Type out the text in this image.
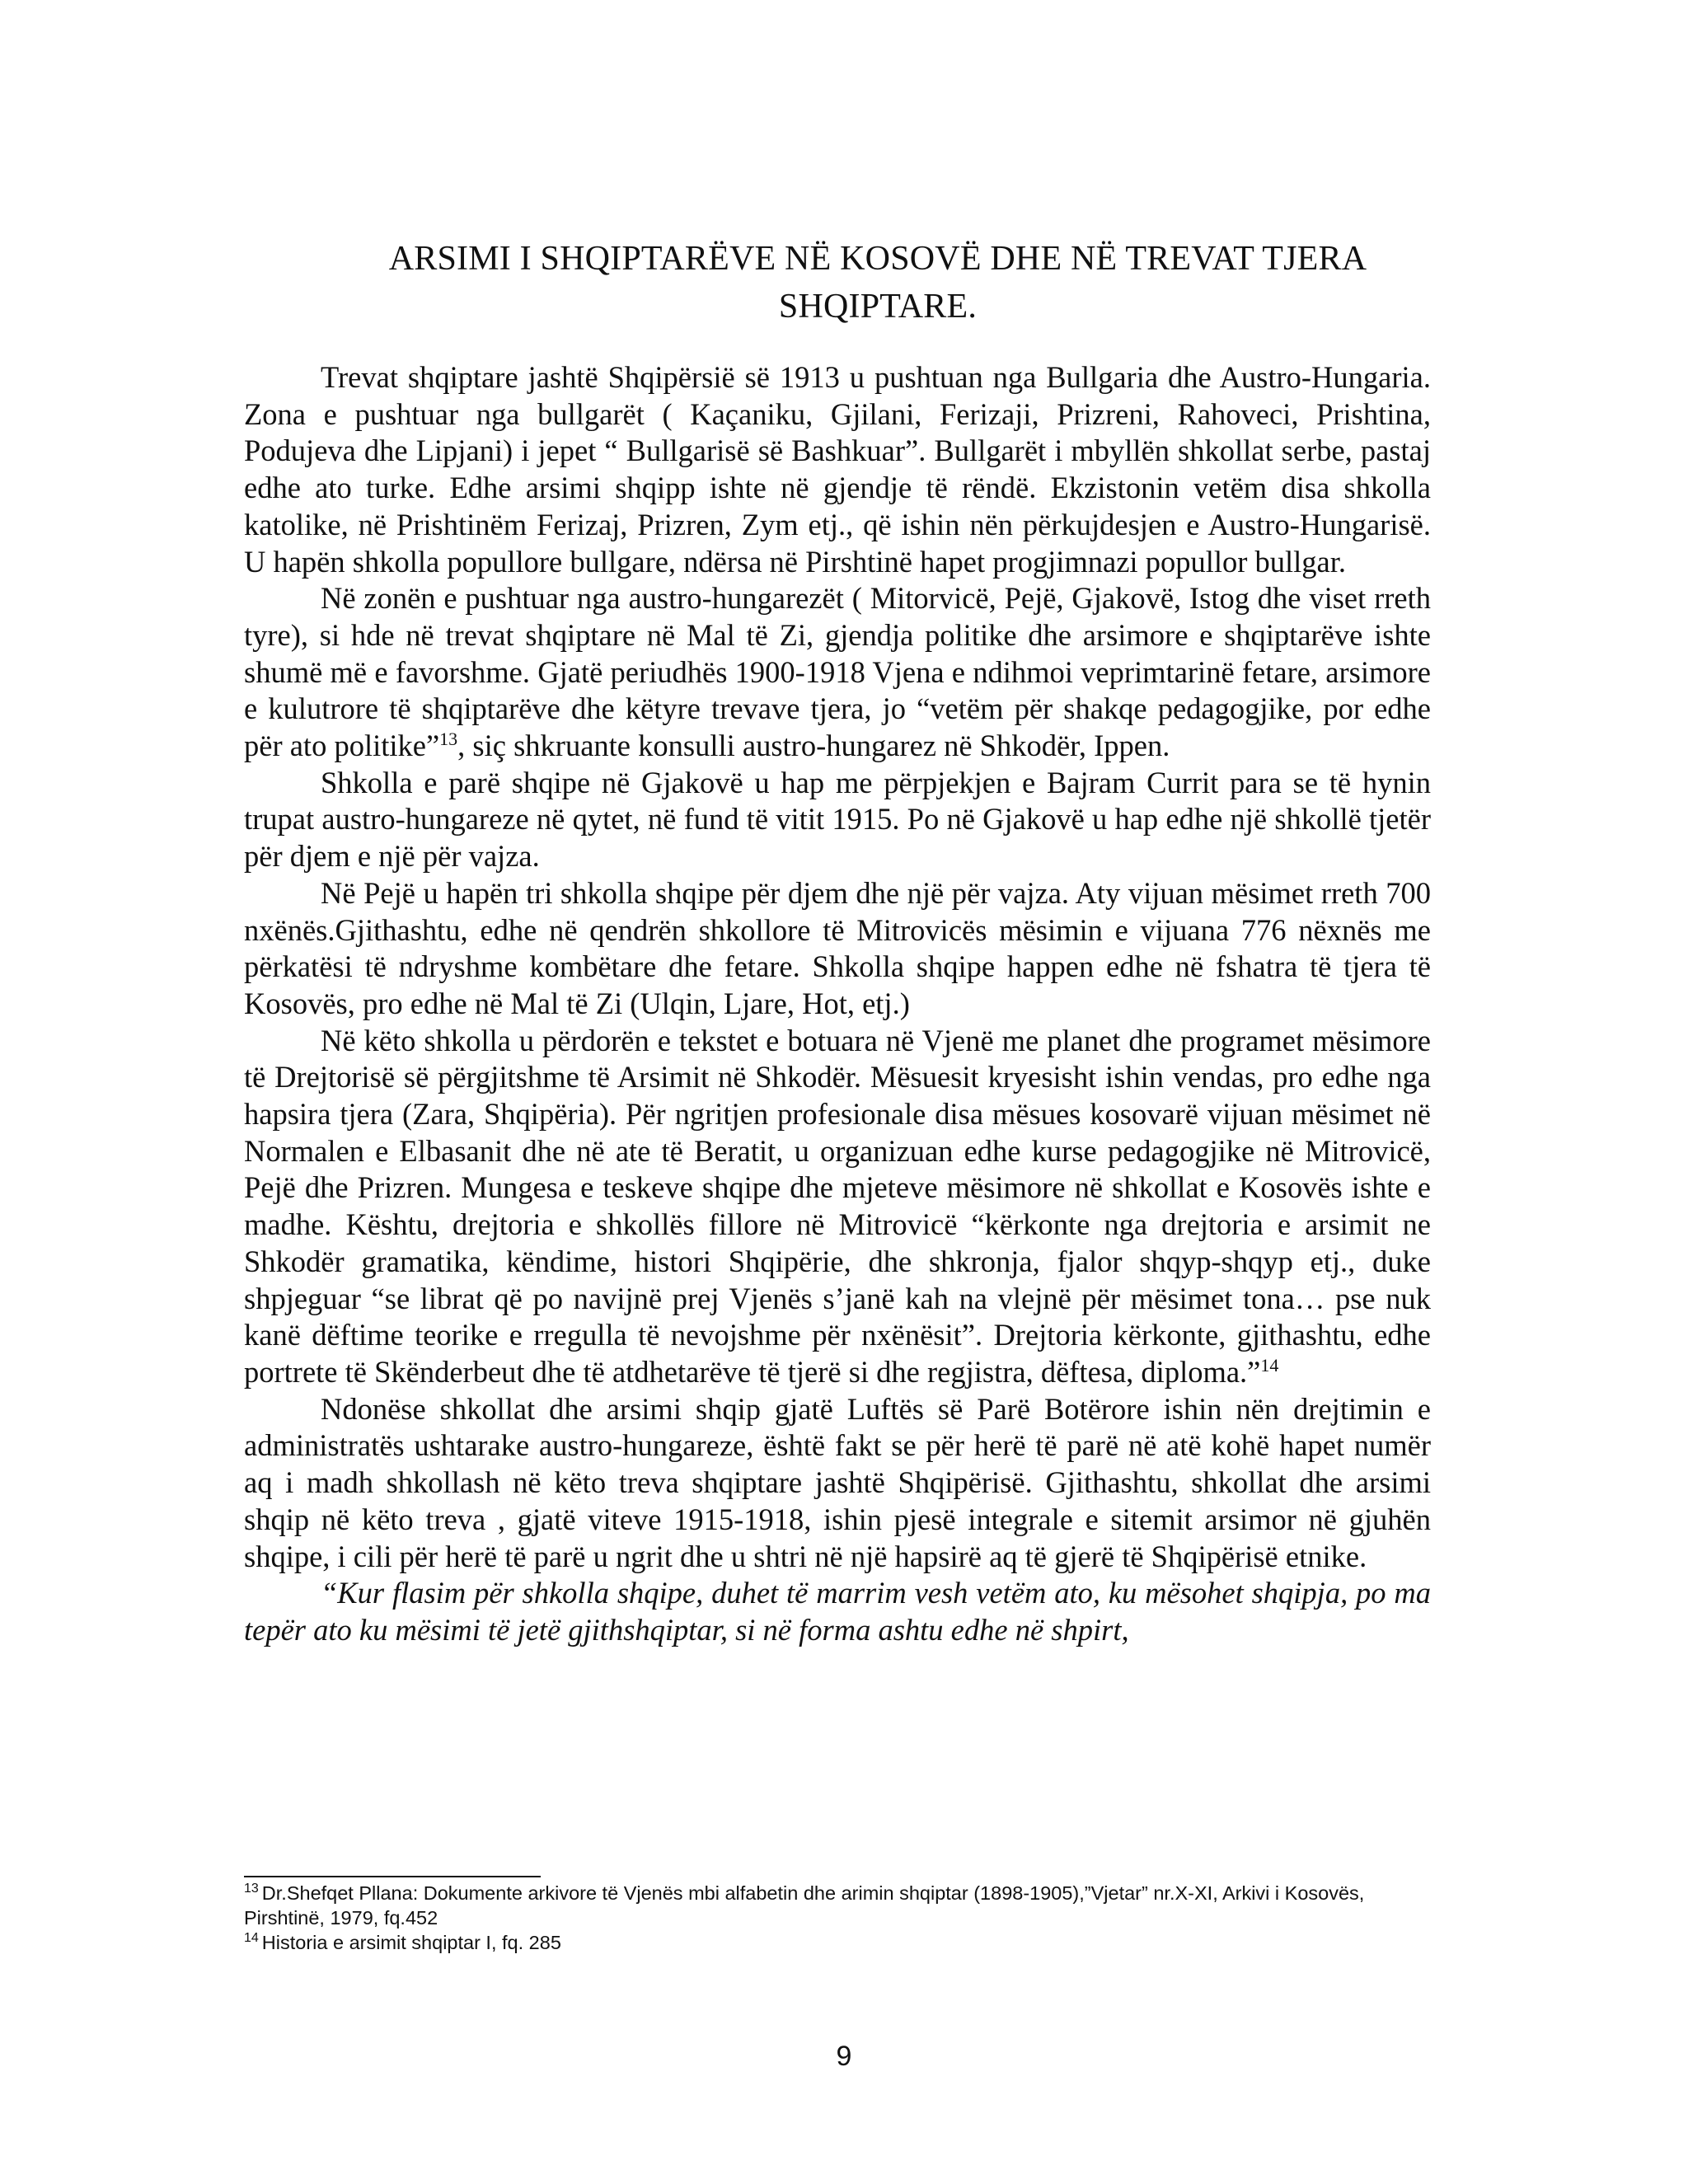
ARSIMI I SHQIPTARËVE NË KOSOVË DHE NË TREVAT TJERA
SHQIPTARE.

Trevat shqiptare jashtë Shqipërsië së 1913 u pushtuan nga Bullgaria dhe Austro-Hungaria. Zona e pushtuar nga bullgarët ( Kaçaniku, Gjilani, Ferizaji, Prizreni, Rahoveci, Prishtina, Podujeva dhe Lipjani) i jepet “ Bullgarisë së Bashkuar”. Bullgarët i mbyllën shkollat serbe, pastaj edhe ato turke. Edhe arsimi shqipp ishte në gjendje të rëndë. Ekzistonin vetëm disa shkolla katolike, në Prishtinëm Ferizaj, Prizren, Zym etj., që ishin nën përkujdesjen e Austro-Hungarisë. U hapën shkolla popullore bullgare, ndërsa në Pirshtinë hapet progjimnazi popullor bullgar.

Në zonën e pushtuar nga austro-hungarezët ( Mitorvicë, Pejë, Gjakovë, Istog dhe viset rreth tyre), si hde në trevat shqiptare në Mal të Zi, gjendja politike dhe arsimore e shqiptarëve ishte shumë më e favorshme. Gjatë periudhës 1900-1918 Vjena e ndihmoi veprimtarinë fetare, arsimore e kulutrore të shqiptarëve dhe këtyre trevave tjera, jo “vetëm për shakqe pedagogjike, por edhe për ato politike”$^{13}$, siç shkruante konsulli austro-hungarez në Shkodër, Ippen.

Shkolla e parë shqipe në Gjakovë u hap me përpjekjen e Bajram Currit para se të hynin trupat austro-hungareze në qytet, në fund të vitit 1915. Po në Gjakovë u hap edhe një shkollë tjetër për djem e një për vajza.

Në Pejë u hapën tri shkolla shqipe për djem dhe një për vajza. Aty vijuan mësimet rreth 700 nxënës.Gjithashtu, edhe në qendrën shkollore të Mitrovicës mësimin e vijuana 776 nëxnës me përkatësi të ndryshme kombëtare dhe fetare. Shkolla shqipe happen edhe në fshatra të tjera të Kosovës, pro edhe në Mal të Zi (Ulqin, Ljare, Hot, etj.)

Në këto shkolla u përdorën e tekstet e botuara në Vjenë me planet dhe programet mësimore të Drejtorisë së përgjitshme të Arsimit në Shkodër. Mësuesit kryesisht ishin vendas, pro edhe nga hapsira tjera (Zara, Shqipëria). Për ngritjen profesionale disa mësues kosovarë vijuan mësimet në Normalen e Elbasanit dhe në ate të Beratit, u organizuan edhe kurse pedagogjike në Mitrovicë, Pejë dhe Prizren. Mungesa e teskeve shqipe dhe mjeteve mësimore në shkollat e Kosovës ishte e madhe. Kështu, drejtoria e shkollës fillore në Mitrovicë “kërkonte nga drejtoria e arsimit ne Shkodër gramatika, këndime, histori Shqipërie, dhe shkronja, fjalor shqyp-shqyp etj., duke shpjeguar “se librat që po navijnë prej Vjenës s’janë kah na vlejnë për mësimet tona… pse nuk kanë dëftime teorike e rregulla të nevojshme për nxënësit”. Drejtoria kërkonte, gjithashtu, edhe portrete të Skënderbeut dhe të atdhetarëve të tjerë si dhe regjistra, dëftesa, diploma.”$^{14}$

Ndonëse shkollat dhe arsimi shqip gjatë Luftës së Parë Botërore ishin nën drejtimin e administratës ushtarake austro-hungareze, është fakt se për herë të parë në atë kohë hapet numër aq i madh shkollash në këto treva shqiptare jashtë Shqipërisë. Gjithashtu, shkollat dhe arsimi shqip në këto treva , gjatë viteve 1915-1918, ishin pjesë integrale e sitemit arsimor në gjuhën shqipe, i cili për herë të parë u ngrit dhe u shtri në një hapsirë aq të gjerë të Shqipërisë etnike.

“Kur flasim për shkolla shqipe, duhet të marrim vesh vetëm ato, ku mësohet shqipja, po ma tepër ato ku mësimi të jetë gjithshqiptar, si në forma ashtu edhe në shpirt,

$^{13}$ Dr.Shefqet Pllana: Dokumente arkivore të Vjenës mbi alfabetin dhe arimin shqiptar (1898-1905),”Vjetar” nr.X-XI, Arkivi i Kosovës, Pirshtinë, 1979, fq.452

$^{14}$ Historia e arsimit shqiptar I, fq. 285

9
